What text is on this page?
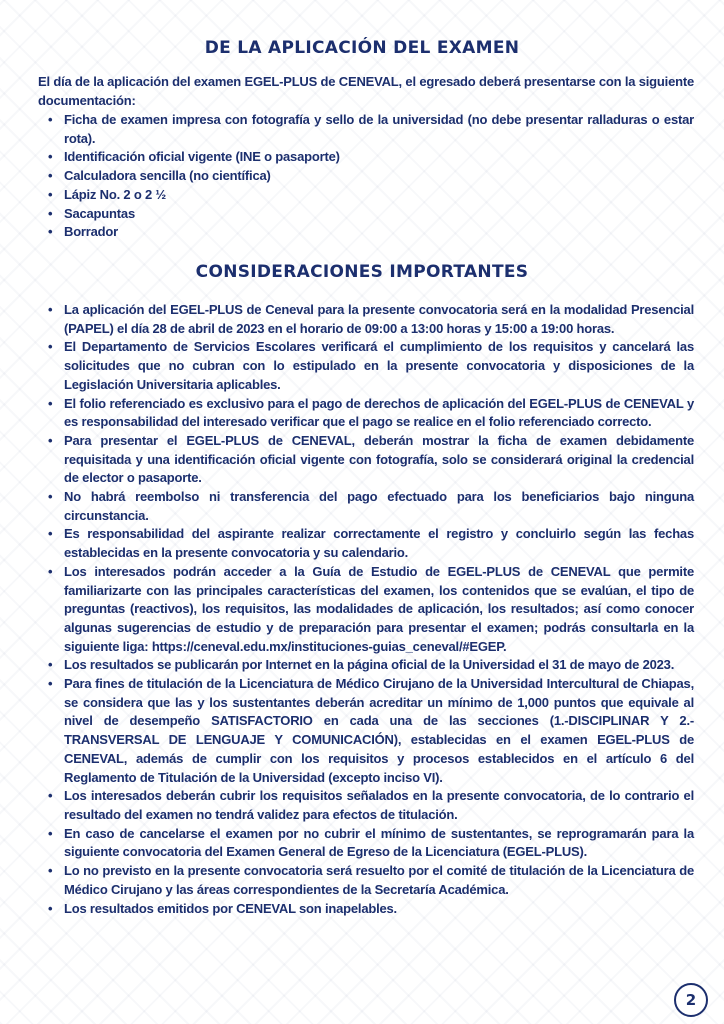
DE LA APLICACIÓN DEL EXAMEN

El día de la aplicación del examen EGEL-PLUS de CENEVAL, el egresado deberá presentarse con la siguiente documentación:

• Ficha de examen impresa con fotografía y sello de la universidad (no debe presentar ralladuras o estar rota).
• Identificación oficial vigente (INE o pasaporte)
• Calculadora sencilla (no científica)
• Lápiz No. 2 o 2 ½
• Sacapuntas
• Borrador
CONSIDERACIONES IMPORTANTES
• La aplicación del EGEL-PLUS de Ceneval para la presente convocatoria será en la modalidad Presencial (PAPEL) el día 28 de abril de 2023 en el horario de 09:00 a 13:00 horas y 15:00 a 19:00 horas.
• El Departamento de Servicios Escolares verificará el cumplimiento de los requisitos y cancelará las solicitudes que no cubran con lo estipulado en la presente convocatoria y disposiciones de la Legislación Universitaria aplicables.
• El folio referenciado es exclusivo para el pago de derechos de aplicación del EGEL-PLUS de CENEVAL y es responsabilidad del interesado verificar que el pago se realice en el folio referenciado correcto.
• Para presentar el EGEL-PLUS de CENEVAL, deberán mostrar la ficha de examen debidamente requisitada y una identificación oficial vigente con fotografía, solo se considerará original la credencial de elector o pasaporte.
• No habrá reembolso ni transferencia del pago efectuado para los beneficiarios bajo ninguna circunstancia.
• Es responsabilidad del aspirante realizar correctamente el registro y concluirlo según las fechas establecidas en la presente convocatoria y su calendario.
• Los interesados podrán acceder a la Guía de Estudio de EGEL-PLUS de CENEVAL que permite familiarizarte con las principales características del examen, los contenidos que se evalúan, el tipo de preguntas (reactivos), los requisitos, las modalidades de aplicación, los resultados; así como conocer algunas sugerencias de estudio y de preparación para presentar el examen; podrás consultarla en la siguiente liga: https://ceneval.edu.mx/instituciones-guias_ceneval/#EGEP.
• Los resultados se publicarán por Internet en la página oficial de la Universidad el 31 de mayo de 2023.
• Para fines de titulación de la Licenciatura de Médico Cirujano de la Universidad Intercultural de Chiapas, se considera que las y los sustentantes deberán acreditar un mínimo de 1,000 puntos que equivale al nivel de desempeño SATISFACTORIO en cada una de las secciones (1.-DISCIPLINAR Y 2.- TRANSVERSAL DE LENGUAJE Y COMUNICACIÓN), establecidas en el examen EGEL-PLUS de CENEVAL, además de cumplir con los requisitos y procesos establecidos en el artículo 6 del Reglamento de Titulación de la Universidad (excepto inciso VI).
• Los interesados deberán cubrir los requisitos señalados en la presente convocatoria, de lo contrario el resultado del examen no tendrá validez para efectos de titulación.
• En caso de cancelarse el examen por no cubrir el mínimo de sustentantes, se reprogramarán para la siguiente convocatoria del Examen General de Egreso de la Licenciatura (EGEL-PLUS).
• Lo no previsto en la presente convocatoria será resuelto por el comité de titulación de la Licenciatura de Médico Cirujano y las áreas correspondientes de la Secretaría Académica.
• Los resultados emitidos por CENEVAL son inapelables.
2
